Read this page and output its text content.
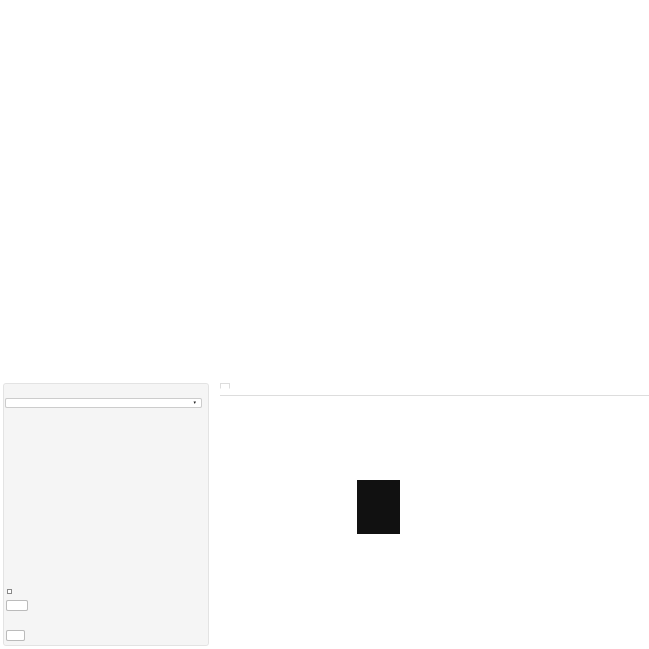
▾
